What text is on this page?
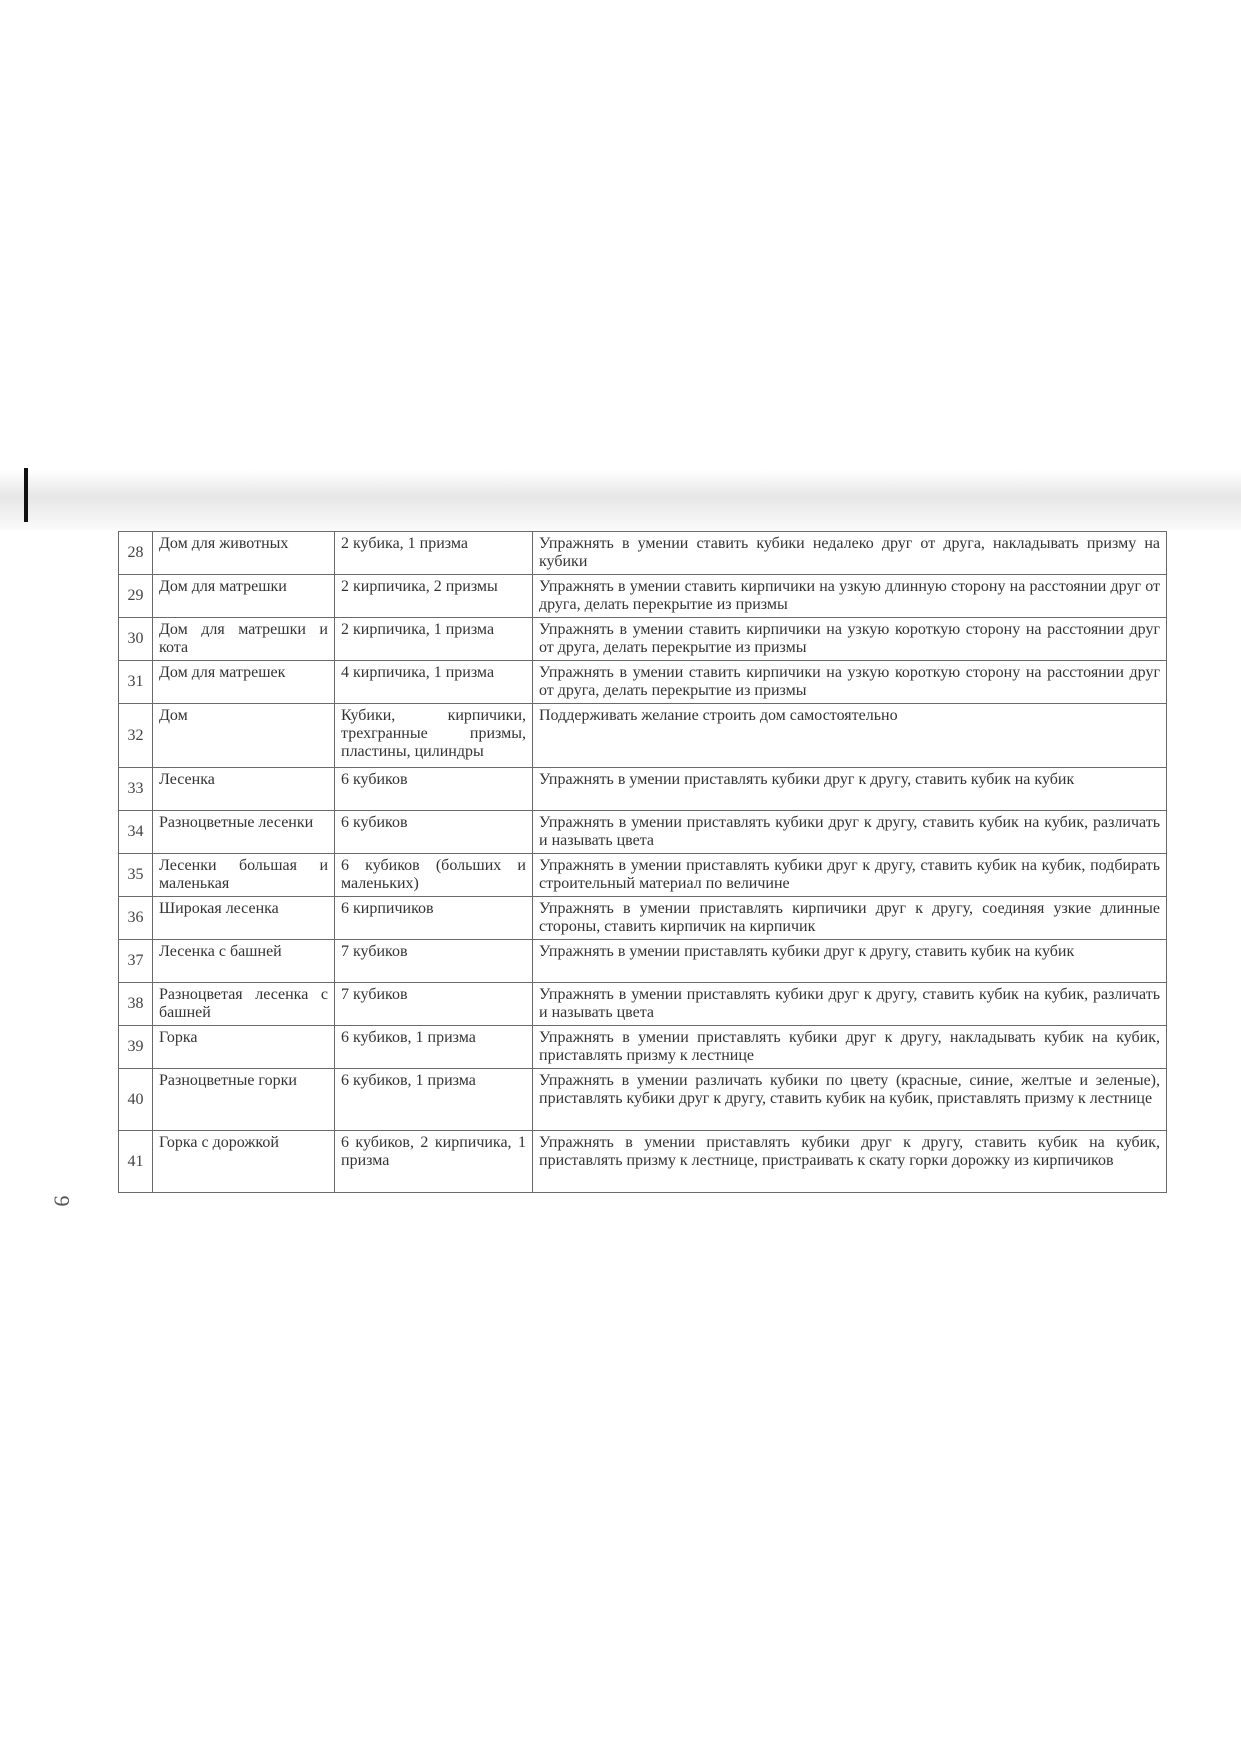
9
28	Дом для животных	2 кубика, 1 призма	Упражнять в умении ставить кубики недалеко друг от друга, накладывать призму на кубики
29	Дом для матрешки	2 кирпичика, 2 призмы	Упражнять в умении ставить кирпичики на узкую длинную сторону на расстоянии друг от друга, делать перекрытие из призмы
30	Дом для матрешки и кота	2 кирпичика, 1 призма	Упражнять в умении ставить кирпичики на узкую короткую сторону на расстоянии друг от друга, делать перекрытие из призмы
31	Дом для матрешек	4 кирпичика, 1 призма	Упражнять в умении ставить кирпичики на узкую короткую сторону на расстоянии друг от друга, делать перекрытие из призмы
32	Дом	Кубики, кирпичики, трехгранные призмы, пластины, цилиндры	Поддерживать желание строить дом самостоятельно
33	Лесенка	6 кубиков	Упражнять в умении приставлять кубики друг к другу, ставить кубик на кубик
34	Разноцветные лесенки	6 кубиков	Упражнять в умении приставлять кубики друг к другу, ставить кубик на кубик, различать и называть цвета
35	Лесенки большая и маленькая	6 кубиков (больших и маленьких)	Упражнять в умении приставлять кубики друг к другу, ставить кубик на кубик, подбирать строительный материал по величине
36	Широкая лесенка	6 кирпичиков	Упражнять в умении приставлять кирпичики друг к другу, соединяя узкие длинные стороны, ставить кирпичик на кирпичик
37	Лесенка с башней	7 кубиков	Упражнять в умении приставлять кубики друг к другу, ставить кубик на кубик
38	Разноцветая лесенка с башней	7 кубиков	Упражнять в умении приставлять кубики друг к другу, ставить кубик на кубик, различать и называть цвета
39	Горка	6 кубиков, 1 призма	Упражнять в умении приставлять кубики друг к другу, накладывать кубик на кубик, приставлять призму к лестнице
40	Разноцветные горки	6 кубиков, 1 призма	Упражнять в умении различать кубики по цвету (красные, синие, желтые и зеленые), приставлять кубики друг к другу, ставить кубик на кубик, приставлять призму к лестнице
41	Горка с дорожкой	6 кубиков, 2 кирпичика, 1 призма	Упражнять в умении приставлять кубики друг к другу, ставить кубик на кубик, приставлять призму к лестнице, пристраивать к скату горки дорожку из кирпичиков
